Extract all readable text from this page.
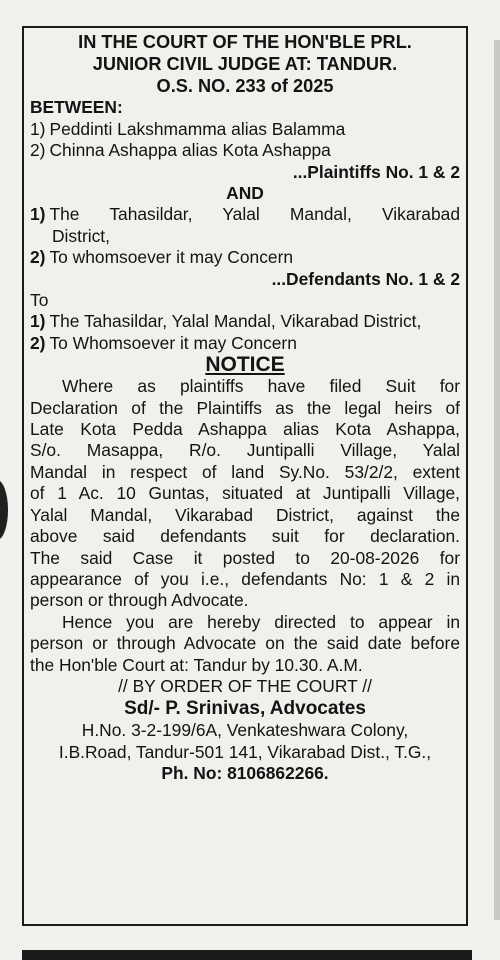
IN THE COURT OF THE HON'BLE PRL.
JUNIOR CIVIL JUDGE AT: TANDUR.
O.S. NO. 233 of 2025
BETWEEN:
1) Peddinti Lakshmamma alias Balamma
2) Chinna Ashappa alias Kota Ashappa
...Plaintiffs No. 1 & 2
AND
1) The Tahasildar, Yalal Mandal, Vikarabad
District,
2) To whomsoever it may Concern
...Defendants No. 1 & 2
To
1) The Tahasildar, Yalal Mandal, Vikarabad District,
2) To Whomsoever it may Concern
NOTICE
Where as plaintiffs have filed Suit for
Declaration of the Plaintiffs as the legal heirs of
Late Kota Pedda Ashappa alias Kota Ashappa,
S/o. Masappa, R/o. Juntipalli Village, Yalal
Mandal in respect of land Sy.No. 53/2/2, extent
of 1 Ac. 10 Guntas, situated at Juntipalli Village,
Yalal Mandal, Vikarabad District, against the
above said defendants suit for declaration.
The said Case it posted to 20-08-2026 for
appearance of you i.e., defendants No: 1 & 2 in
person or through Advocate.
Hence you are hereby directed to appear in
person or through Advocate on the said date before
the Hon'ble Court at: Tandur by 10.30. A.M.
// BY ORDER OF THE COURT //
Sd/- P. Srinivas, Advocates
H.No. 3-2-199/6A, Venkateshwara Colony,
I.B.Road, Tandur-501 141, Vikarabad Dist., T.G.,
Ph. No: 8106862266.
